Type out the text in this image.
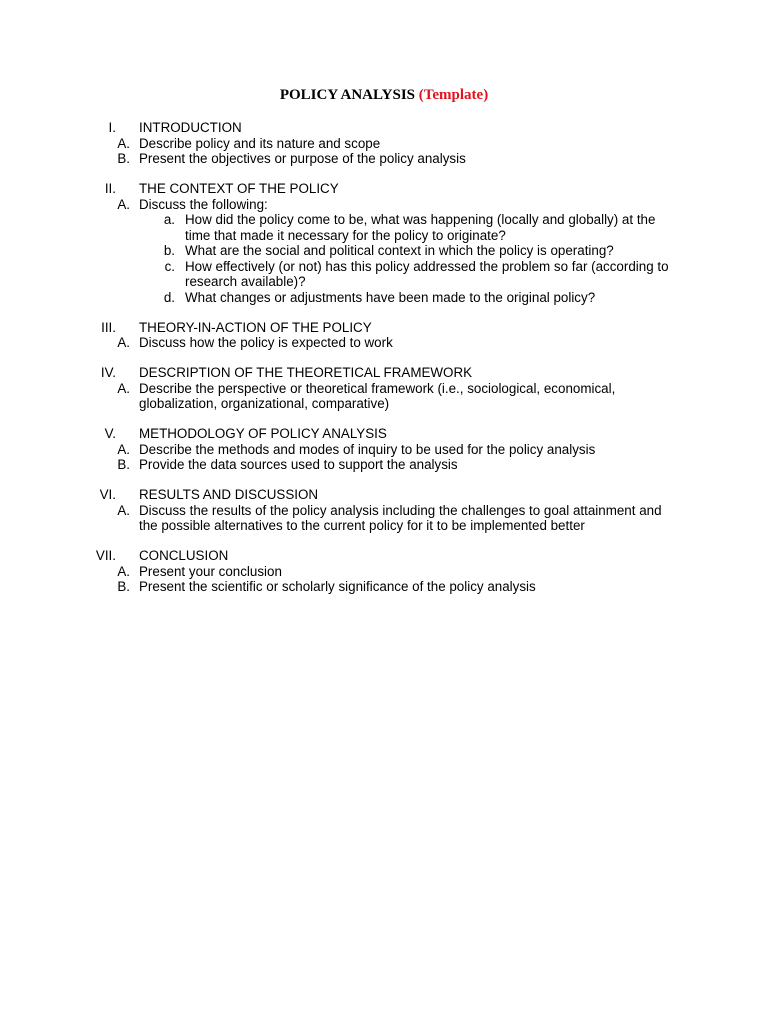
POLICY ANALYSIS (Template)
I. INTRODUCTION
A. Describe policy and its nature and scope
B. Present the objectives or purpose of the policy analysis
II. THE CONTEXT OF THE POLICY
A. Discuss the following:
a. How did the policy come to be, what was happening (locally and globally) at the time that made it necessary for the policy to originate?
b. What are the social and political context in which the policy is operating?
c. How effectively (or not) has this policy addressed the problem so far (according to research available)?
d. What changes or adjustments have been made to the original policy?
III. THEORY-IN-ACTION OF THE POLICY
A. Discuss how the policy is expected to work
IV. DESCRIPTION OF THE THEORETICAL FRAMEWORK
A. Describe the perspective or theoretical framework (i.e., sociological, economical, globalization, organizational, comparative)
V. METHODOLOGY OF POLICY ANALYSIS
A. Describe the methods and modes of inquiry to be used for the policy analysis
B. Provide the data sources used to support the analysis
VI. RESULTS AND DISCUSSION
A. Discuss the results of the policy analysis including the challenges to goal attainment and the possible alternatives to the current policy for it to be implemented better
VII. CONCLUSION
A. Present your conclusion
B. Present the scientific or scholarly significance of the policy analysis
